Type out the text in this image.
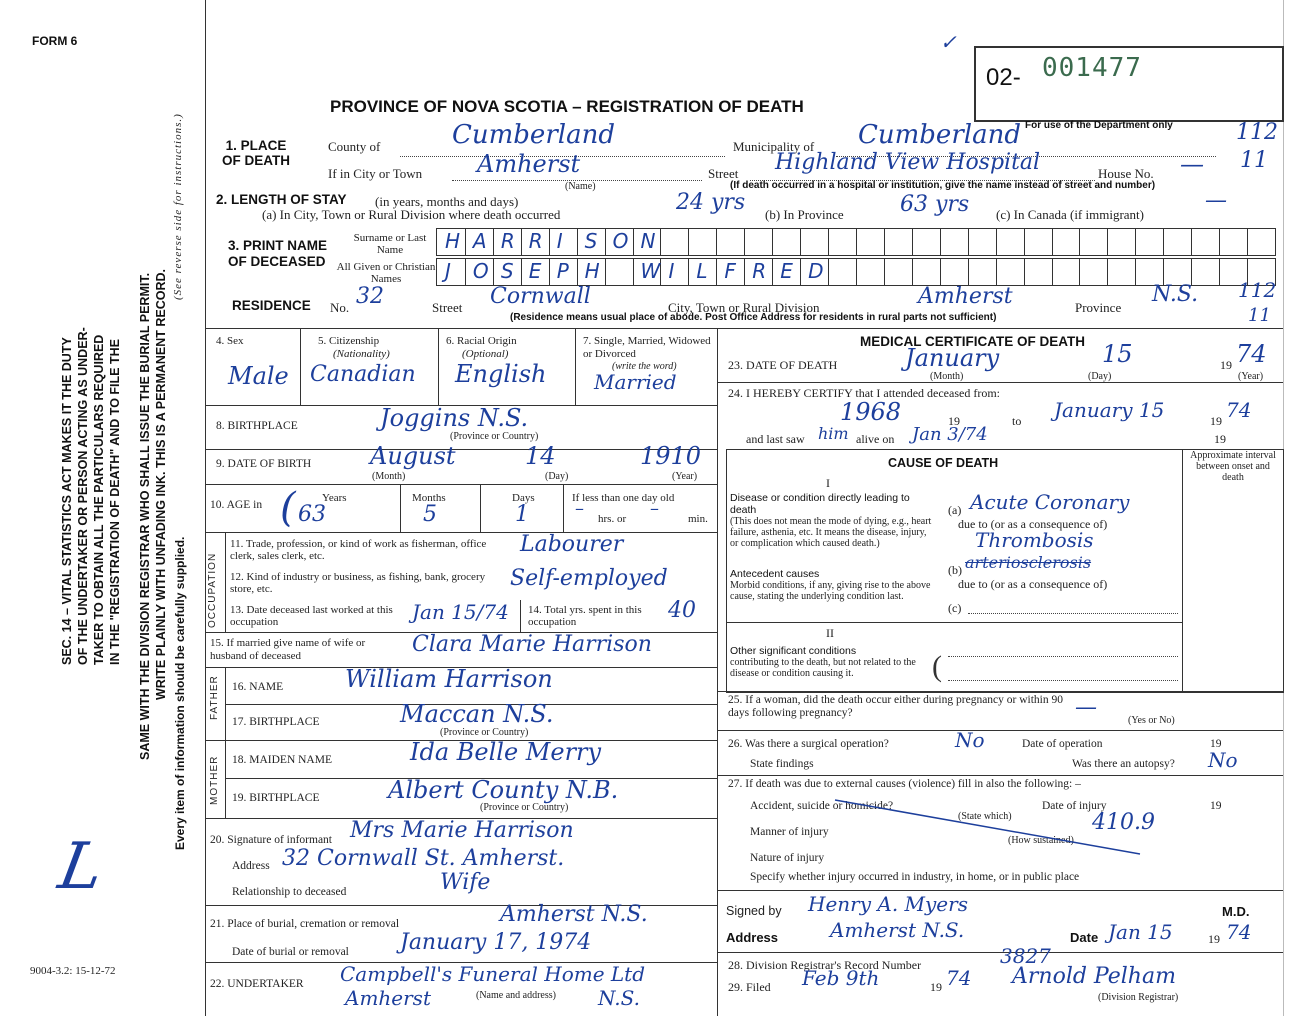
FORM 6
9004-3.2: 15-12-72
SEC. 14 – VITAL STATISTICS ACT MAKES IT THE DUTY OF THE UNDERTAKER OR PERSON ACTING AS UNDER- TAKER TO OBTAIN ALL THE PARTICULARS REQUIRED IN THE "REGISTRATION OF DEATH" AND TO FILE THE SAME WITH THE DIVISION REGISTRAR WHO SHALL ISSUE THE BURIAL PERMIT. WRITE PLAINLY WITH UNFADING INK. THIS IS A PERMANENT RECORD.
(See reverse side for instructions.)
Every item of information should be carefully supplied.
L
02- 001477
✓
PROVINCE OF NOVA SCOTIA – REGISTRATION OF DEATH
For use of the Department only
1. PLACE OF DEATH
County of	Cumberland	Municipality of Cumberland	112
If in City or Town Amherst
(Name)
Street Highland View Hospital	House No. — 11
(If death occurred in a hospital or institution, give the name instead of street and number)
2. LENGTH OF STAY (in years, months and days)
(a) In City, Town or Rural Division where death occurred	24 yrs (b) In Province	63 yrs (c) In Canada (if immigrant)
—
3. PRINT NAME
OF DECEASED
Surname or Last Name
All Given or Christian Names
H A R R I S O N
J O S E P H W I L F R E D
RESIDENCE No. 32	Street Cornwall	City, Town or Rural Division	Amherst	Province
N.S. 112
11
(Residence means usual place of abode. Post Office Address for residents in rural parts not sufficient)
4. Sex
Male
5. Citizenship
(Nationality)
Canadian
6. Racial Origin
(Optional)
English
7. Single, Married, Widowed or Divorced
(write the word)
Married
8. BIRTHPLACE	Joggins N.S.
(Province or Country)
9. DATE OF BIRTH August	14	1910
(Month)	(Day)	(Year)
10. AGE in ( Years
63
Months
5
Days
1
If less than one day old
hrs. or	min.
–	–
OCCUPATION
11. Trade, profession, or kind of work as fisherman, office clerk, sales clerk, etc.	Labourer
12. Kind of industry or business, as fishing, bank, grocery store, etc.	Self-employed
13. Date deceased last worked at this occupation	Jan 15/74 14. Total yrs. spent in this occupation	40
15. If married give name of wife or husband of deceased	Clara Marie Harrison
FATHER 16. NAME	William Harrison
17. BIRTHPLACE	Maccan N.S.
(Province or Country)
MOTHER 18. MAIDEN NAME	Ida Belle Merry
19. BIRTHPLACE	Albert County N.B.
(Province or Country)
20. Signature of informant Mrs Marie Harrison
Address 32 Cornwall St. Amherst.
Relationship to deceased	Wife
21. Place of burial, cremation or removal	Amherst N.S.
Date of burial or removal January 17, 1974
22. UNDERTAKER Campbell's Funeral Home Ltd
Amherst	(Name and address) N.S.
MEDICAL CERTIFICATE OF DEATH
23. DATE OF DEATH	January	15	19 74
(Month)	(Day)	(Year)
24. I HEREBY CERTIFY that I attended deceased from:
1968	19	to January 15	19 74
and last saw him alive on Jan 3/74	19
CAUSE OF DEATH
Approximate interval between onset and death
I
Disease or condition directly leading to death
(This does not mean the mode of dying, e.g., heart failure, asthenia, etc. It means the disease, injury, or complication which caused death.)
(a) Acute Coronary
due to (or as a consequence of)
Thrombosis
Antecedent causes
Morbid conditions, if any, giving rise to the above cause, stating the underlying condition last.
(b) arteriosclerosis
due to (or as a consequence of)
(c)
II
Other significant conditions
contributing to the death, but not related to the disease or condition causing it.	(
25. If a woman, did the death occur either during pregnancy or within 90 days following pregnancy?
(Yes or No)
—
26. Was there a surgical operation?	No	Date of operation	19
State findings	Was there an autopsy? No
27. If death was due to external causes (violence) fill in also the following: –
Accident, suicide or homicide?	Date of injury	19
(State which)
Manner of injury	410.9
(How sustained)
Nature of injury
Specify whether injury occurred in industry, in home, or in public place
Signed by Henry A. Myers	M.D.
Address	Amherst N.S.	Date Jan 15	19 74
28. Division Registrar's Record Number	3827
29. Filed Feb 9th	19 74 Arnold Pelham
(Division Registrar)
